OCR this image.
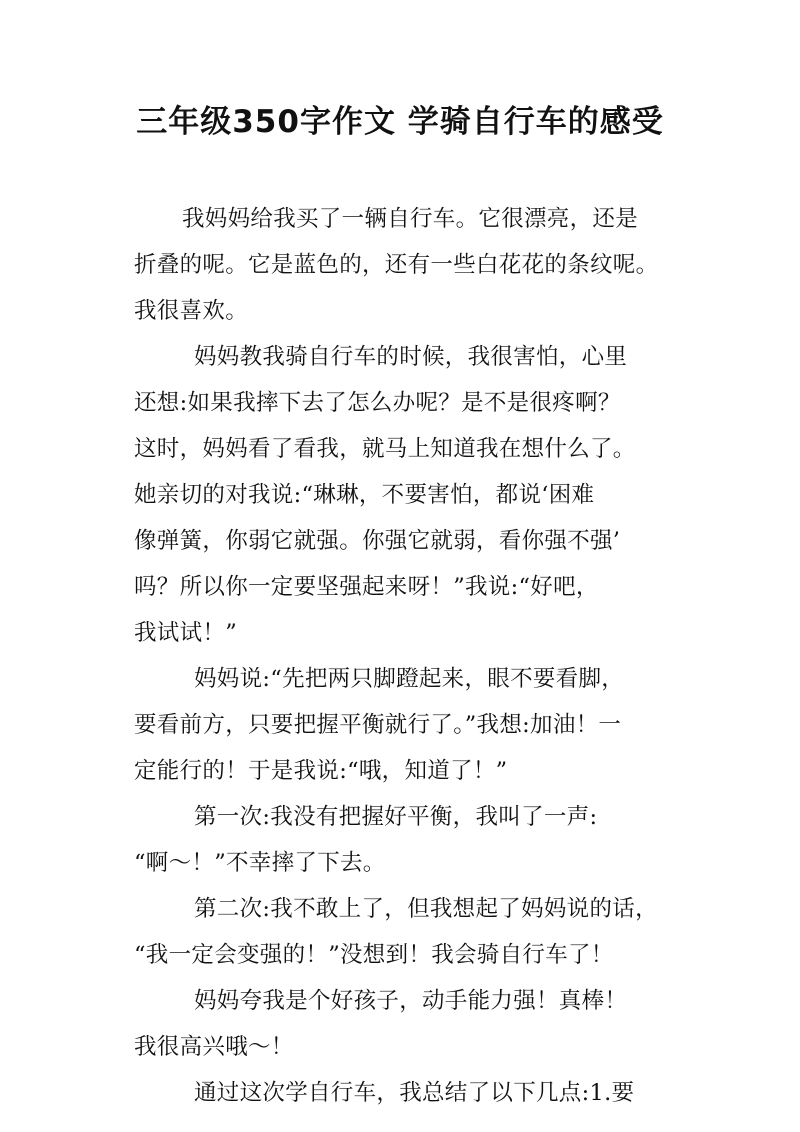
三年级350字作文 学骑自行车的感受
我妈妈给我买了一辆自行车。它很漂亮，还是
折叠的呢。它是蓝色的，还有一些白花花的条纹呢。
我很喜欢。
妈妈教我骑自行车的时候，我很害怕，心里
还想:如果我摔下去了怎么办呢？是不是很疼啊？
这时，妈妈看了看我，就马上知道我在想什么了。
她亲切的对我说:“琳琳，不要害怕，都说‘困难
像弹簧，你弱它就强。你强它就弱，看你强不强’
吗？所以你一定要坚强起来呀！”我说:“好吧，
我试试！”
妈妈说:“先把两只脚蹬起来，眼不要看脚，
要看前方，只要把握平衡就行了。”我想:加油！一
定能行的！于是我说:“哦，知道了！”
第一次:我没有把握好平衡，我叫了一声:
“啊～！”不幸摔了下去。
第二次:我不敢上了，但我想起了妈妈说的话，
“我一定会变强的！”没想到！我会骑自行车了！
妈妈夸我是个好孩子，动手能力强！真棒！
我很高兴哦～！
通过这次学自行车，我总结了以下几点:1.要
